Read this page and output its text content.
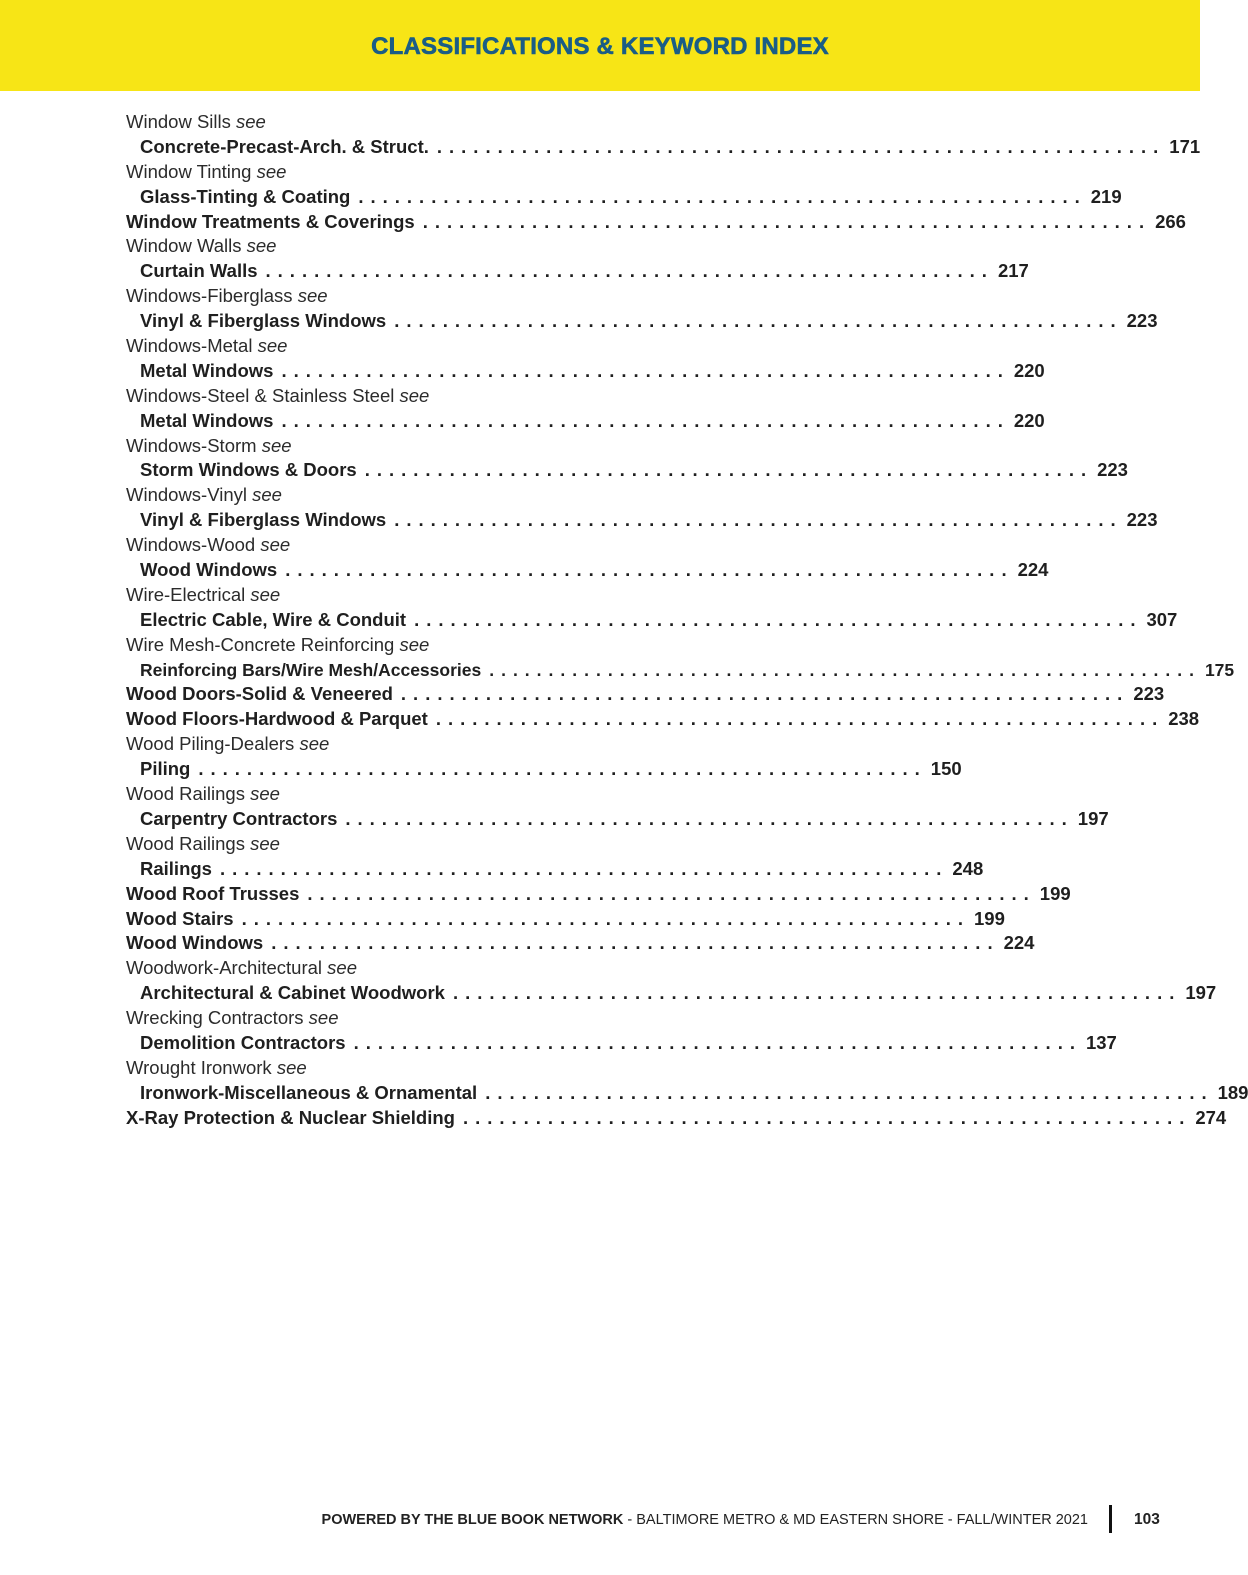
CLASSIFICATIONS & KEYWORD INDEX
Window Sills see
Concrete-Precast-Arch. & Struct. ............................................................ 171
Window Tinting see
Glass-Tinting & Coating ............................................................ 219
Window Treatments & Coverings ............................................................ 266
Window Walls see
Curtain Walls ............................................................ 217
Windows-Fiberglass see
Vinyl & Fiberglass Windows ............................................................ 223
Windows-Metal see
Metal Windows ............................................................ 220
Windows-Steel & Stainless Steel see
Metal Windows ............................................................ 220
Windows-Storm see
Storm Windows & Doors ............................................................ 223
Windows-Vinyl see
Vinyl & Fiberglass Windows ............................................................ 223
Windows-Wood see
Wood Windows ............................................................ 224
Wire-Electrical see
Electric Cable, Wire & Conduit ............................................................ 307
Wire Mesh-Concrete Reinforcing see
Reinforcing Bars/Wire Mesh/Accessories ............................................................ 175
Wood Doors-Solid & Veneered ............................................................ 223
Wood Floors-Hardwood & Parquet ............................................................ 238
Wood Piling-Dealers see
Piling ............................................................ 150
Wood Railings see
Carpentry Contractors ............................................................ 197
Wood Railings see
Railings ............................................................ 248
Wood Roof Trusses ............................................................ 199
Wood Stairs ............................................................ 199
Wood Windows ............................................................ 224
Woodwork-Architectural see
Architectural & Cabinet Woodwork ............................................................ 197
Wrecking Contractors see
Demolition Contractors ............................................................ 137
Wrought Ironwork see
Ironwork-Miscellaneous & Ornamental ............................................................ 189
X-Ray Protection & Nuclear Shielding ............................................................ 274
POWERED BY THE BLUE BOOK NETWORK - BALTIMORE METRO & MD EASTERN SHORE - FALL/WINTER 2021	103
